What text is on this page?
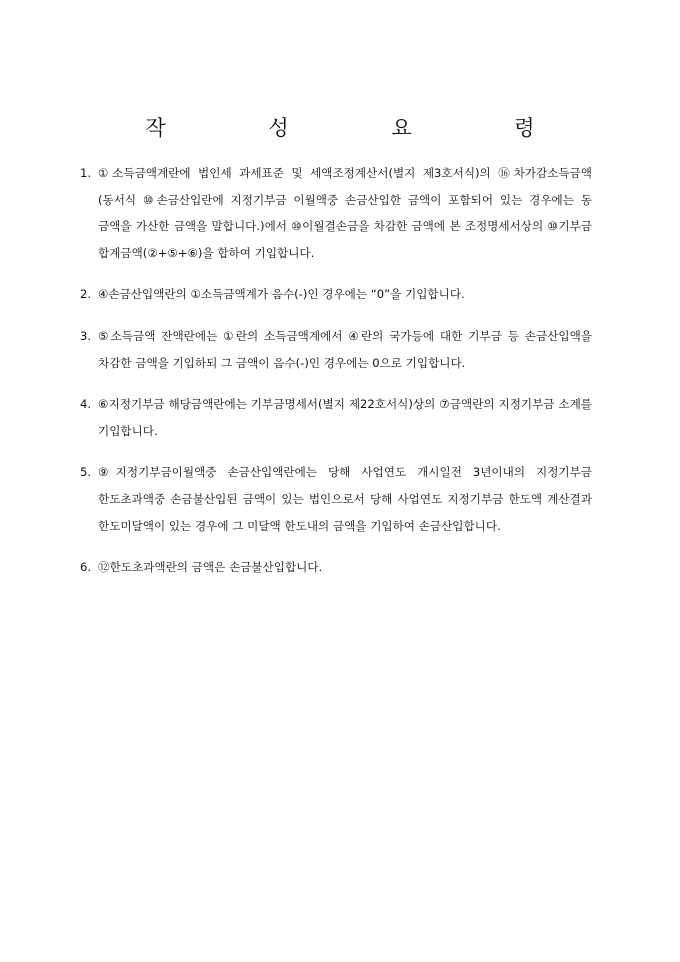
작 성 요 령
1. ①소득금액계란에 법인세 과세표준 및 세액조정계산서(별지 제3호서식)의 ⑯차가감소득금액(동서식 ⑩손금산입란에 지정기부금 이월액중 손금산입한 금액이 포함되어 있는 경우에는 동 금액을 가산한 금액을 말합니다.)에서 ⑩이월결손금을 차감한 금액에 본 조정명세서상의 ⑩기부금 합계금액(②+⑤+⑥)을 합하여 기입합니다.
2. ④손금산입액란의 ①소득금액계가 음수(-)인 경우에는 “0”을 기입합니다.
3. ⑤소득금액 잔액란에는 ①란의 소득금액계에서 ④란의 국가등에 대한 기부금 등 손금산입액을 차감한 금액을 기입하되 그 금액이 음수(-)인 경우에는 0으로 기입합니다.
4. ⑥지정기부금 해당금액란에는 기부금명세서(별지 제22호서식)상의 ⑦금액란의 지정기부금 소계를 기입합니다.
5. ⑨지정기부금이월액중 손금산입액란에는 당해 사업연도 개시일전 3년이내의 지정기부금 한도초과액중 손금불산입된 금액이 있는 법인으로서 당해 사업연도 지정기부금 한도액 계산결과 한도미달액이 있는 경우에 그 미달액 한도내의 금액을 기입하여 손금산입합니다.
6. ⑫한도초과액란의 금액은 손금불산입합니다.
